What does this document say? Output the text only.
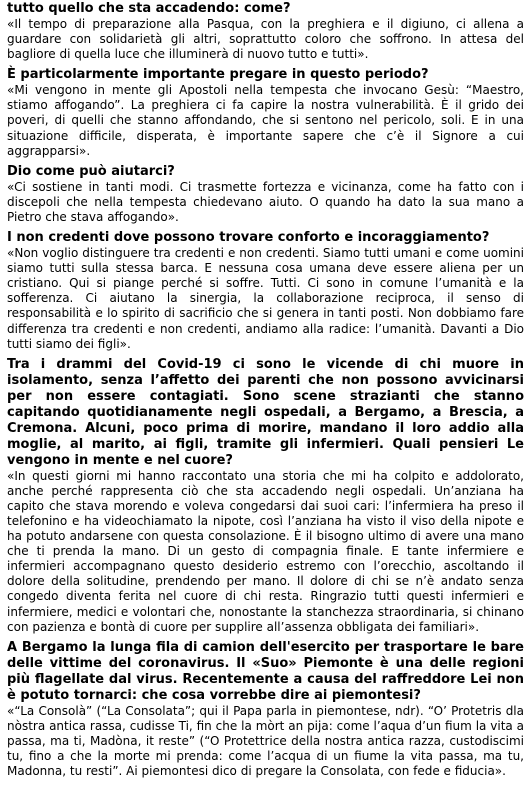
tutto quello che sta accadendo: come?

«Il tempo di preparazione alla Pasqua, con la preghiera e il digiuno, ci allena a guardare con solidarietà gli altri, soprattutto coloro che soffrono. In attesa del bagliore di quella luce che illuminerà di nuovo tutto e tutti».

È particolarmente importante pregare in questo periodo?

«Mi vengono in mente gli Apostoli nella tempesta che invocano Gesù: “Maestro, stiamo affogando”. La preghiera ci fa capire la nostra vulnerabilità. È il grido dei poveri, di quelli che stanno affondando, che si sentono nel pericolo, soli. E in una situazione difficile, disperata, è importante sapere che c’è il Signore a cui aggrapparsi».

Dio come può aiutarci?

«Ci sostiene in tanti modi. Ci trasmette fortezza e vicinanza, come ha fatto con i discepoli che nella tempesta chiedevano aiuto. O quando ha dato la sua mano a Pietro che stava affogando».

I non credenti dove possono trovare conforto e incoraggiamento?

«Non voglio distinguere tra credenti e non credenti. Siamo tutti umani e come uomini siamo tutti sulla stessa barca. E nessuna cosa umana deve essere aliena per un cristiano. Qui si piange perché si soffre. Tutti. Ci sono in comune l’umanità e la sofferenza. Ci aiutano la sinergia, la collaborazione reciproca, il senso di responsabilità e lo spirito di sacrificio che si genera in tanti posti. Non dobbiamo fare differenza tra credenti e non credenti, andiamo alla radice: l’umanità. Davanti a Dio tutti siamo dei figli».

Tra i drammi del Covid-19 ci sono le vicende di chi muore in isolamento, senza l’affetto dei parenti che non possono avvicinarsi per non essere contagiati. Sono scene strazianti che stanno capitando quotidianamente negli ospedali, a Bergamo, a Brescia, a Cremona. Alcuni, poco prima di morire, mandano il loro addio alla moglie, al marito, ai figli, tramite gli infermieri. Quali pensieri Le vengono in mente e nel cuore?

«In questi giorni mi hanno raccontato una storia che mi ha colpito e addolorato, anche perché rappresenta ciò che sta accadendo negli ospedali. Un’anziana ha capito che stava morendo e voleva congedarsi dai suoi cari: l’infermiera ha preso il telefonino e ha videochiamato la nipote, così l’anziana ha visto il viso della nipote e ha potuto andarsene con questa consolazione. È il bisogno ultimo di avere una mano che ti prenda la mano. Di un gesto di compagnia finale. E tante infermiere e infermieri accompagnano questo desiderio estremo con l’orecchio, ascoltando il dolore della solitudine, prendendo per mano. Il dolore di chi se n’è andato senza congedo diventa ferita nel cuore di chi resta. Ringrazio tutti questi infermieri e infermiere, medici e volontari che, nonostante la stanchezza straordinaria, si chinano con pazienza e bontà di cuore per supplire all’assenza obbligata dei familiari».

A Bergamo la lunga fila di camion dell'esercito per trasportare le bare delle vittime del coronavirus. Il «Suo» Piemonte è una delle regioni più flagellate dal virus. Recentemente a causa del raffreddore Lei non è potuto tornarci: che cosa vorrebbe dire ai piemontesi?

«“La Consolà” (“La Consolata”; qui il Papa parla in piemontese, ndr). “O’ Protetris dla nòstra antica rassa, cudisse Ti, fin che la mòrt an pija: come l’aqua d’un fium la vita a passa, ma ti, Madòna, it reste” (“O Protettrice della nostra antica razza, custodiscimi tu, fino a che la morte mi prenda: come l’acqua di un fiume la vita passa, ma tu, Madonna, tu resti”. Ai piemontesi dico di pregare la Consolata, con fede e fiducia».
